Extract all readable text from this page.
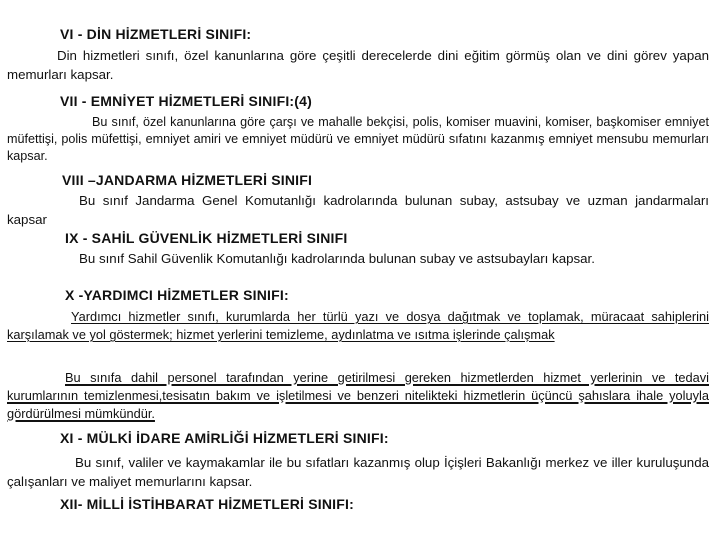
VI - DİN HİZMETLERİ SINIFI:

Din hizmetleri sınıfı, özel kanunlarına göre çeşitli derecelerde dini eğitim görmüş olan ve dini görev yapan memurları kapsar.

VII - EMNİYET HİZMETLERİ SINIFI:(4)

Bu sınıf, özel kanunlarına göre çarşı ve mahalle bekçisi, polis, komiser muavini, komiser, başkomiser emniyet müfettişi, polis müfettişi, emniyet amiri ve emniyet müdürü ve emniyet müdürü sıfatını kazanmış emniyet mensubu memurları kapsar.

VIII –JANDARMA HİZMETLERİ SINIFI

Bu sınıf Jandarma Genel Komutanlığı kadrolarında bulunan subay, astsubay ve uzman jandarmaları kapsar

IX - SAHİL GÜVENLİK HİZMETLERİ SINIFI

Bu sınıf Sahil Güvenlik Komutanlığı kadrolarında bulunan subay ve astsubayları kapsar.

X -YARDIMCI HİZMETLER SINIFI:

Yardımcı hizmetler sınıfı, kurumlarda her türlü yazı ve dosya dağıtmak ve toplamak, müracaat sahiplerini karşılamak ve yol göstermek; hizmet yerlerini temizleme, aydınlatma ve ısıtma işlerinde çalışmak

Bu sınıfa dahil personel tarafından yerine getirilmesi gereken hizmetlerden hizmet yerlerinin ve tedavi kurumlarının temizlenmesi,tesisatın bakım ve işletilmesi ve benzeri nitelikteki hizmetlerin üçüncü şahıslara ihale yoluyla gördürülmesi mümkündür.

XI - MÜLKİ İDARE AMİRLİĞİ HİZMETLERİ SINIFI:

Bu sınıf, valiler ve kaymakamlar ile bu sıfatları kazanmış olup İçişleri Bakanlığı merkez ve iller kuruluşunda çalışanları ve maliyet memurlarını kapsar.

XII- MİLLİ İSTİHBARAT HİZMETLERİ SINIFI:
